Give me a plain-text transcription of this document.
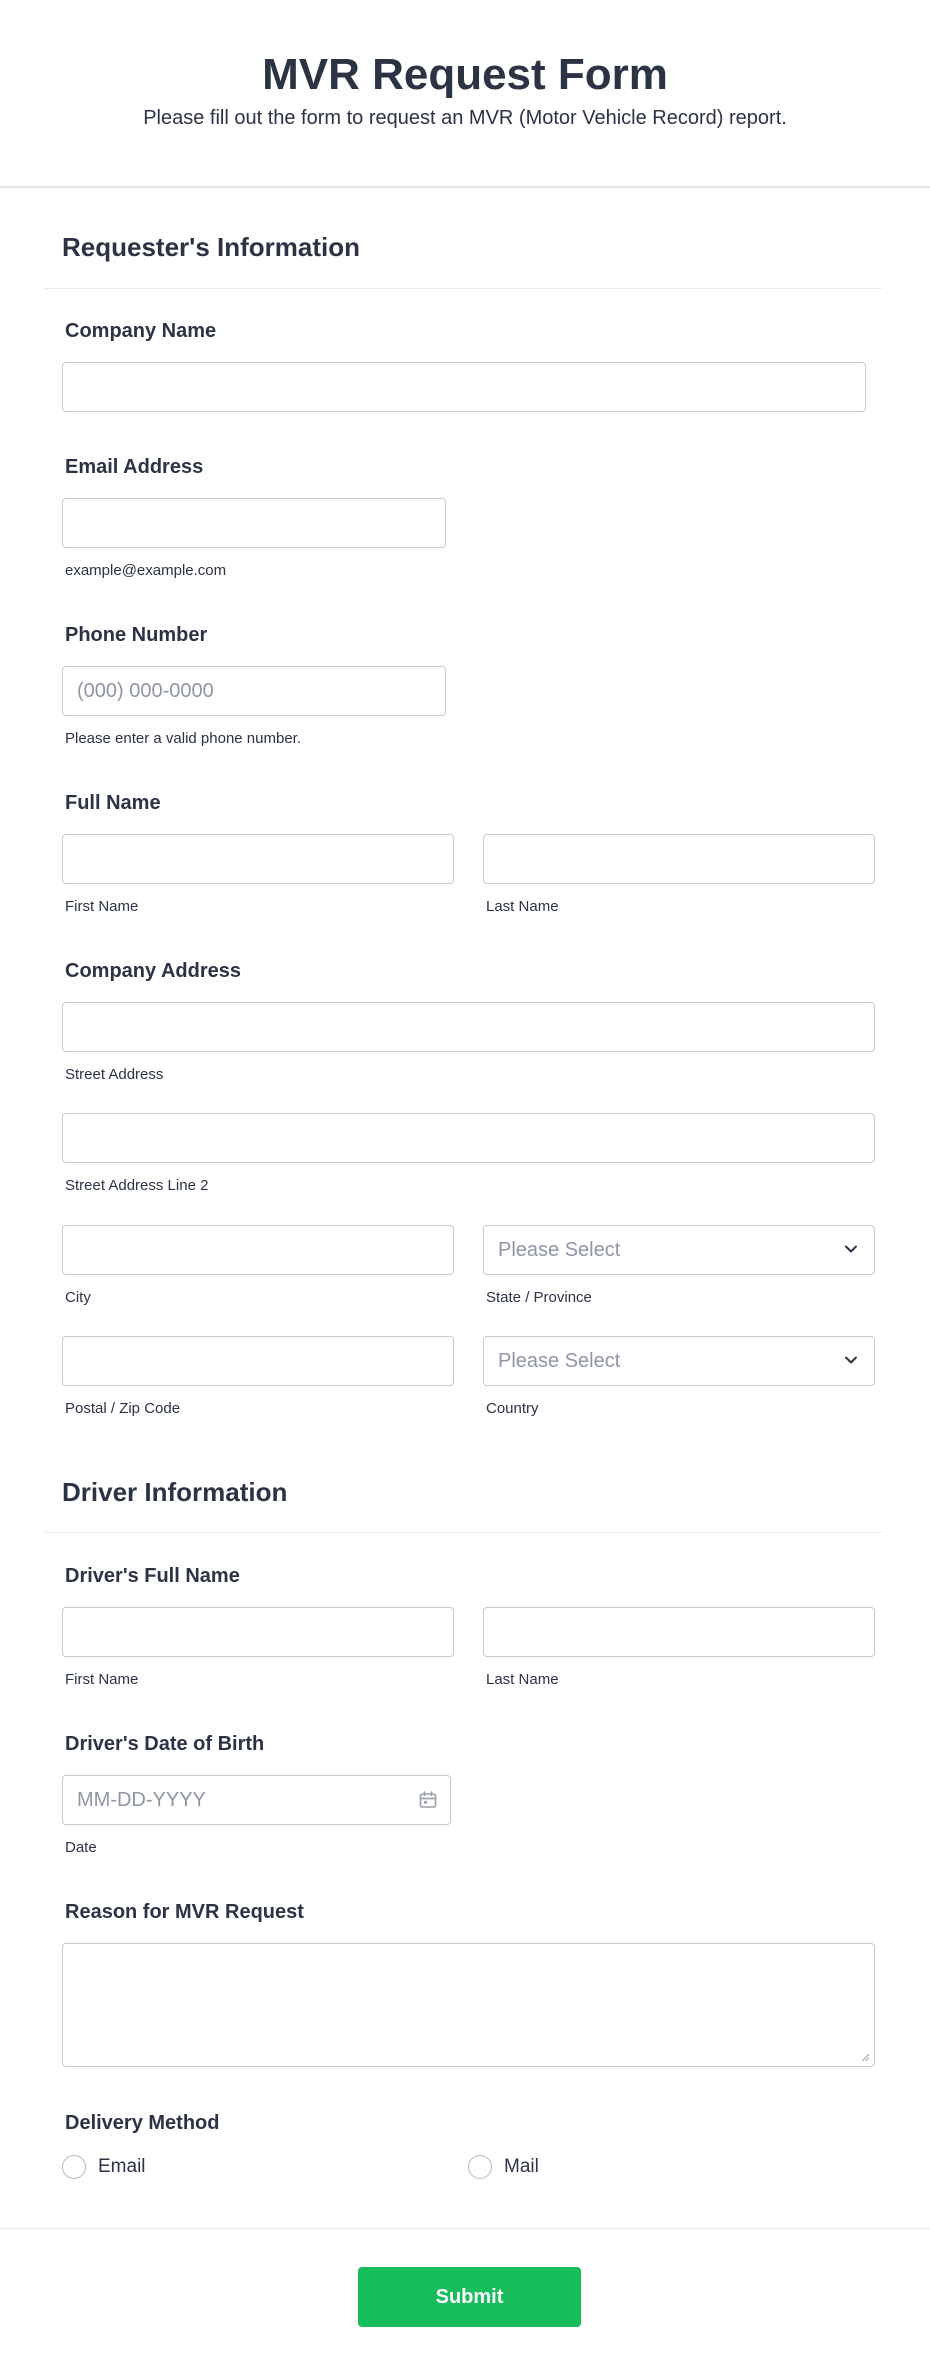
MVR Request Form
Please fill out the form to request an MVR (Motor Vehicle Record) report.
Requester's Information
Company Name
Email Address
example@example.com
Phone Number
(000) 000-0000
Please enter a valid phone number.
Full Name
First Name	Last Name
Company Address
Street Address
Street Address Line 2
Please Select
City	State / Province
Please Select
Postal / Zip Code	Country
Driver Information
Driver's Full Name
First Name	Last Name
Driver's Date of Birth
MM-DD-YYYY
Date
Reason for MVR Request
Delivery Method
Email	Mail
Submit
